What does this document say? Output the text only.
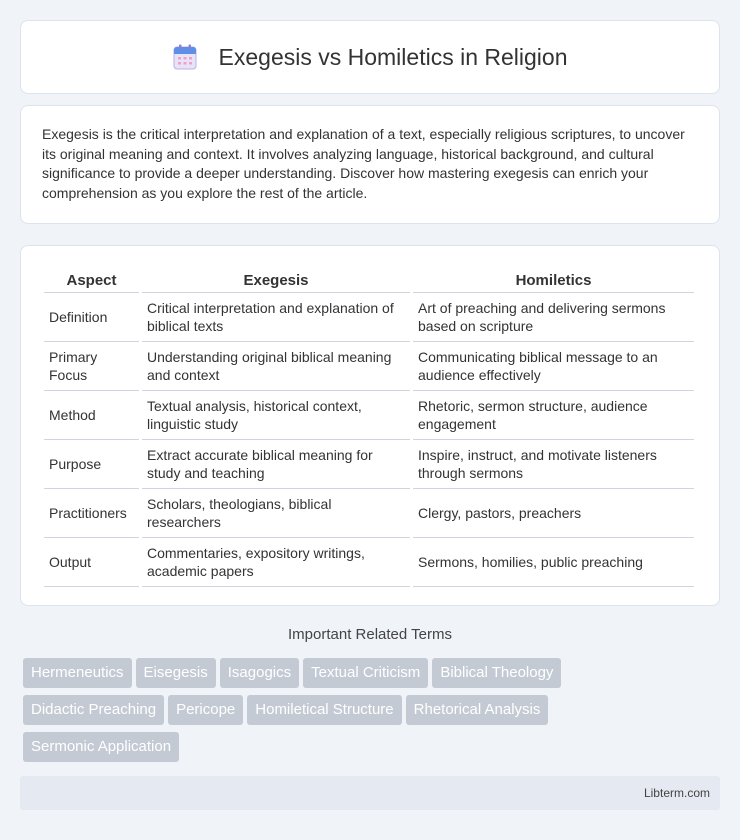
Exegesis vs Homiletics in Religion

Exegesis is the critical interpretation and explanation of a text, especially religious scriptures, to uncover its original meaning and context. It involves analyzing language, historical background, and cultural significance to provide a deeper understanding. Discover how mastering exegesis can enrich your comprehension as you explore the rest of the article.

Aspect	Exegesis	Homiletics
Definition	Critical interpretation and explanation of biblical texts	Art of preaching and delivering sermons based on scripture
Primary Focus	Understanding original biblical meaning and context	Communicating biblical message to an audience effectively
Method	Textual analysis, historical context, linguistic study	Rhetoric, sermon structure, audience engagement
Purpose	Extract accurate biblical meaning for study and teaching	Inspire, instruct, and motivate listeners through sermons
Practitioners	Scholars, theologians, biblical researchers	Clergy, pastors, preachers
Output	Commentaries, expository writings, academic papers	Sermons, homilies, public preaching
Important Related Terms
Hermeneutics Eisegesis Isagogics Textual Criticism Biblical Theology
Didactic Preaching Pericope Homiletical Structure Rhetorical Analysis
Sermonic Application
Libterm.com
